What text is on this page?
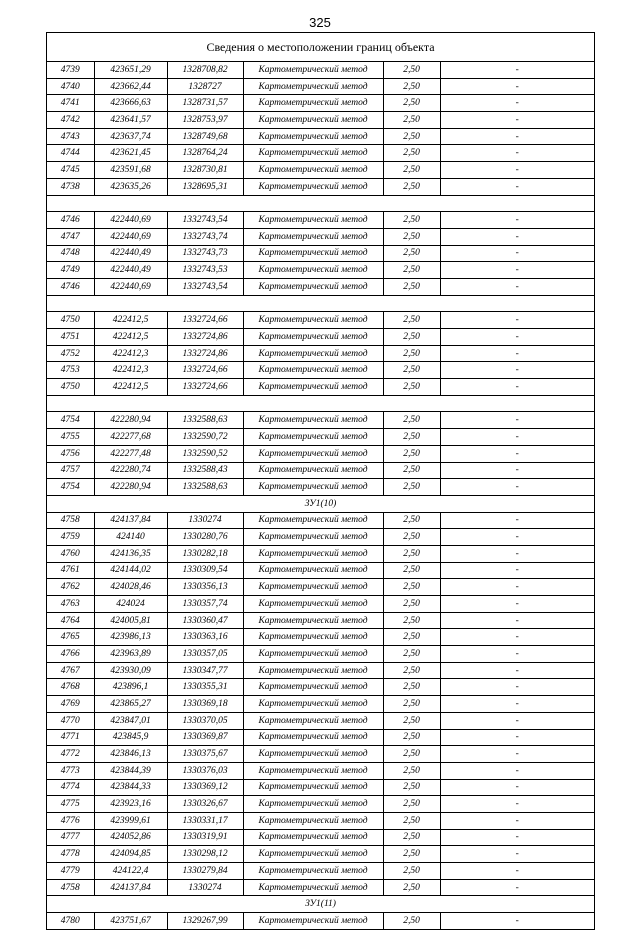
325
Сведения о местоположении границ объекта
4739	423651,29	1328708,82	Картометрический метод	2,50	-
4740	423662,44	1328727	Картометрический метод	2,50	-
4741	423666,63	1328731,57	Картометрический метод	2,50	-
4742	423641,57	1328753,97	Картометрический метод	2,50	-
4743	423637,74	1328749,68	Картометрический метод	2,50	-
4744	423621,45	1328764,24	Картометрический метод	2,50	-
4745	423591,68	1328730,81	Картометрический метод	2,50	-
4738	423635,26	1328695,31	Картометрический метод	2,50	-

4746	422440,69	1332743,54	Картометрический метод	2,50	-
4747	422440,69	1332743,74	Картометрический метод	2,50	-
4748	422440,49	1332743,73	Картометрический метод	2,50	-
4749	422440,49	1332743,53	Картометрический метод	2,50	-
4746	422440,69	1332743,54	Картометрический метод	2,50	-

4750	422412,5	1332724,66	Картометрический метод	2,50	-
4751	422412,5	1332724,86	Картометрический метод	2,50	-
4752	422412,3	1332724,86	Картометрический метод	2,50	-
4753	422412,3	1332724,66	Картометрический метод	2,50	-
4750	422412,5	1332724,66	Картометрический метод	2,50	-

4754	422280,94	1332588,63	Картометрический метод	2,50	-
4755	422277,68	1332590,72	Картометрический метод	2,50	-
4756	422277,48	1332590,52	Картометрический метод	2,50	-
4757	422280,74	1332588,43	Картометрический метод	2,50	-
4754	422280,94	1332588,63	Картометрический метод	2,50	-
ЗУ1(10)					
4758	424137,84	1330274	Картометрический метод	2,50	-
4759	424140	1330280,76	Картометрический метод	2,50	-
4760	424136,35	1330282,18	Картометрический метод	2,50	-
4761	424144,02	1330309,54	Картометрический метод	2,50	-
4762	424028,46	1330356,13	Картометрический метод	2,50	-
4763	424024	1330357,74	Картометрический метод	2,50	-
4764	424005,81	1330360,47	Картометрический метод	2,50	-
4765	423986,13	1330363,16	Картометрический метод	2,50	-
4766	423963,89	1330357,05	Картометрический метод	2,50	-
4767	423930,09	1330347,77	Картометрический метод	2,50	-
4768	423896,1	1330355,31	Картометрический метод	2,50	-
4769	423865,27	1330369,18	Картометрический метод	2,50	-
4770	423847,01	1330370,05	Картометрический метод	2,50	-
4771	423845,9	1330369,87	Картометрический метод	2,50	-
4772	423846,13	1330375,67	Картометрический метод	2,50	-
4773	423844,39	1330376,03	Картометрический метод	2,50	-
4774	423844,33	1330369,12	Картометрический метод	2,50	-
4775	423923,16	1330326,67	Картометрический метод	2,50	-
4776	423999,61	1330331,17	Картометрический метод	2,50	-
4777	424052,86	1330319,91	Картометрический метод	2,50	-
4778	424094,85	1330298,12	Картометрический метод	2,50	-
4779	424122,4	1330279,84	Картометрический метод	2,50	-
4758	424137,84	1330274	Картометрический метод	2,50	-
ЗУ1(11)					
4780	423751,67	1329267,99	Картометрический метод	2,50	-
